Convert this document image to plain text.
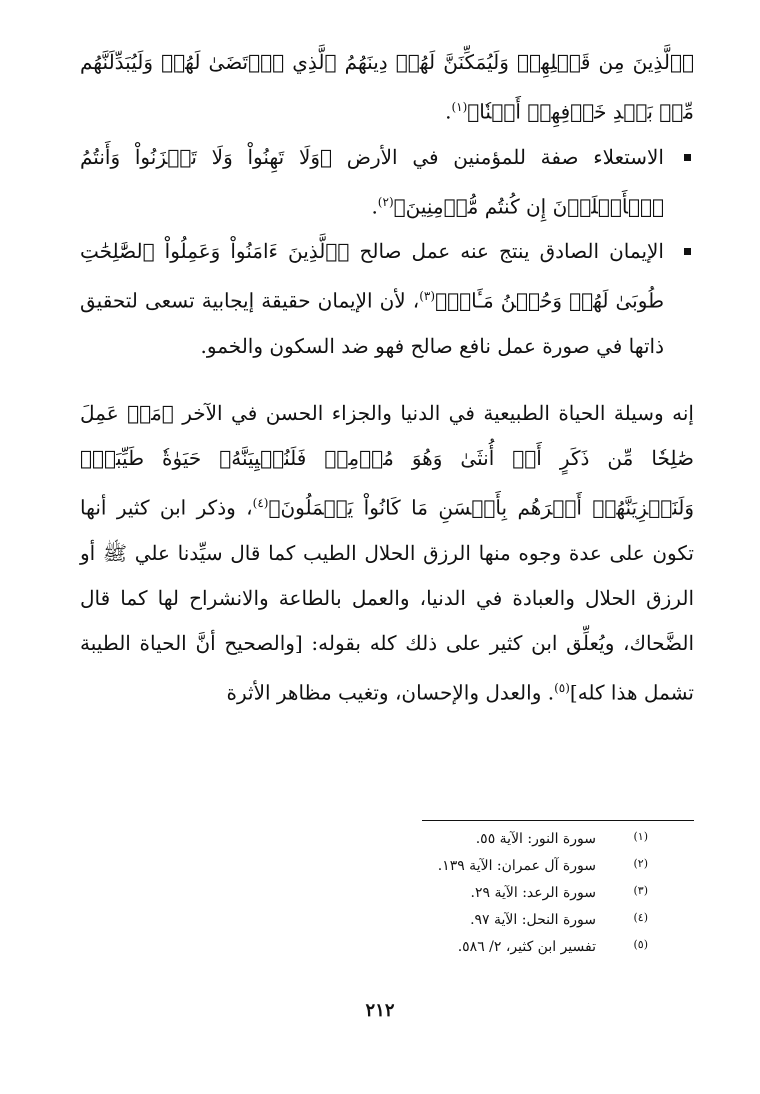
﴿ٱلَّذِينَ مِن قَبۡلِهِمۡ وَلَيُمَكِّنَنَّ لَهُمۡ دِينَهُمُ ٱلَّذِي ٱرۡتَضَىٰ لَهُمۡ وَلَيُبَدِّلَنَّهُم مِّنۢ بَعۡدِ خَوۡفِهِمۡ أَمۡنٗا﴾$^{(١)}$.

الاستعلاء صفة للمؤمنين في الأرض ﴿وَلَا تَهِنُواْ وَلَا تَحۡزَنُواْ وَأَنتُمُ ٱلۡأَعۡلَوۡنَ إِن كُنتُم مُّؤۡمِنِينَ﴾$^{(٢)}$.

الإيمان الصادق ينتج عنه عمل صالح ﴿ٱلَّذِينَ ءَامَنُواْ وَعَمِلُواْ ٱلصَّٰلِحَٰتِ طُوبَىٰ لَهُمۡ وَحُسۡنُ مَـَٔابٖ﴾$^{(٣)}$، لأن الإيمان حقيقة إيجابية تسعى لتحقيق ذاتها في صورة عمل نافع صالح فهو ضد السكون والخمو.

إنه وسيلة الحياة الطبيعية في الدنيا والجزاء الحسن في الآخر ﴿مَنۡ عَمِلَ صَٰلِحٗا مِّن ذَكَرٍ أَوۡ أُنثَىٰ وَهُوَ مُؤۡمِنٞ فَلَنُحۡيِيَنَّهُۥ حَيَوٰةٗ طَيِّبَةٗۖ وَلَنَجۡزِيَنَّهُمۡ أَجۡرَهُم بِأَحۡسَنِ مَا كَانُواْ يَعۡمَلُونَ﴾$^{(٤)}$، وذكر ابن كثير أنها تكون على عدة وجوه منها الرزق الحلال الطيب كما قال سيِّدنا علي ﷺ أو الرزق الحلال والعبادة في الدنيا، والعمل بالطاعة والانشراح لها كما قال الضَّحاك، ويُعلِّق ابن كثير على ذلك كله بقوله: [والصحيح أنَّ الحياة الطيبة تشمل هذا كله]$^{(٥)}$. والعدل والإحسان، وتغيب مظاهر الأثرة

(١)
سورة النور: الآية ٥٥.
(٢)
سورة آل عمران: الآية ١٣٩.
(٣)
سورة الرعد: الآية ٢٩.
(٤)
سورة النحل: الآية ٩٧.
(٥)
تفسير ابن كثير، ٢/ ٥٨٦.
٢١٢
